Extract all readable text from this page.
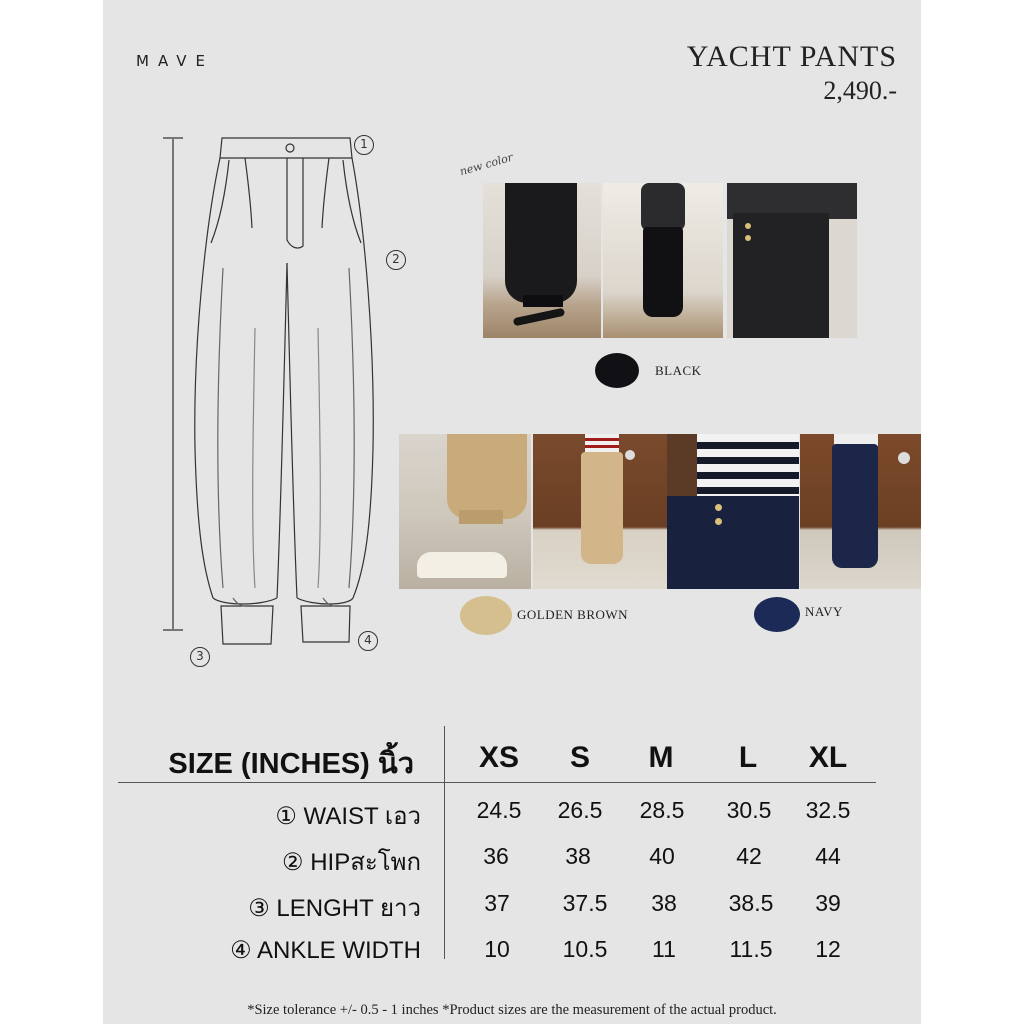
MAVE	YACHT PANTS
2,490.-
1
2
3
4
new color
BLACK
GOLDEN BROWN	NAVY
SIZE (INCHES) นิ้ว	XS	S	M	L	XL
① WAIST เอว	24.5	26.5	28.5	30.5	32.5
② HIPสะโพก	36	38	40	42	44
③ LENGHT ยาว	37	37.5	38	38.5	39
④ ANKLE WIDTH	10	10.5	11	11.5	12
*Size tolerance +/- 0.5 - 1 inches *Product sizes are the measurement of the actual product.
